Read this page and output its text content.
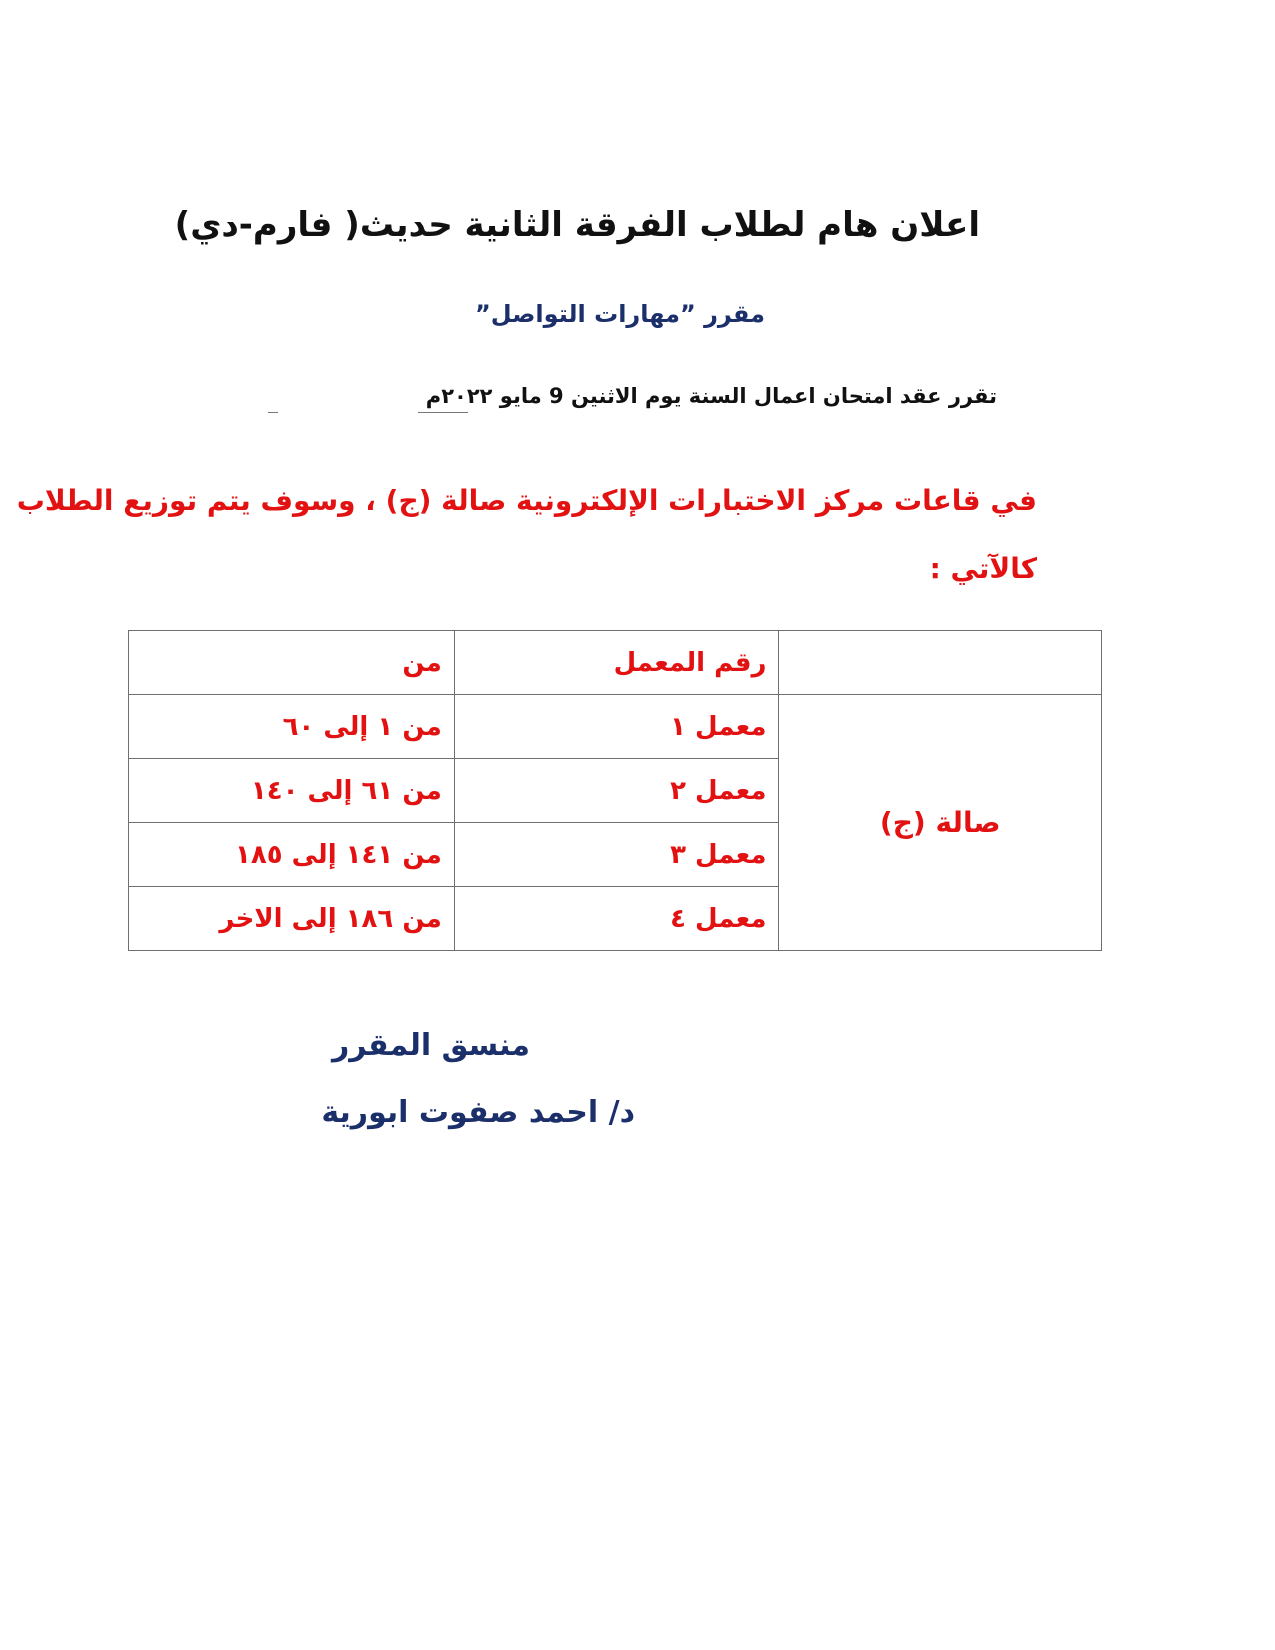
اعلان هام لطلاب الفرقة الثانية حديث( فارم-دي)
مقرر ”مهارات التواصل”
تقرر عقد امتحان اعمال السنة يوم الاثنين 9 مايو ٢٠٢٢م
في قاعات مركز الاختبارات الإلكترونية صالة (ج) ، وسوف يتم توزيع الطلاب
كالآتي :
	رقم المعمل	من
صالة (ج)	معمل ١	من ١ إلى ٦٠
	معمل ٢	من ٦١ إلى ١٤٠
	معمل ٣	من ١٤١ إلى ١٨٥
	معمل ٤	من ١٨٦ إلى الاخر
منسق المقرر
د/ احمد صفوت ابورية
